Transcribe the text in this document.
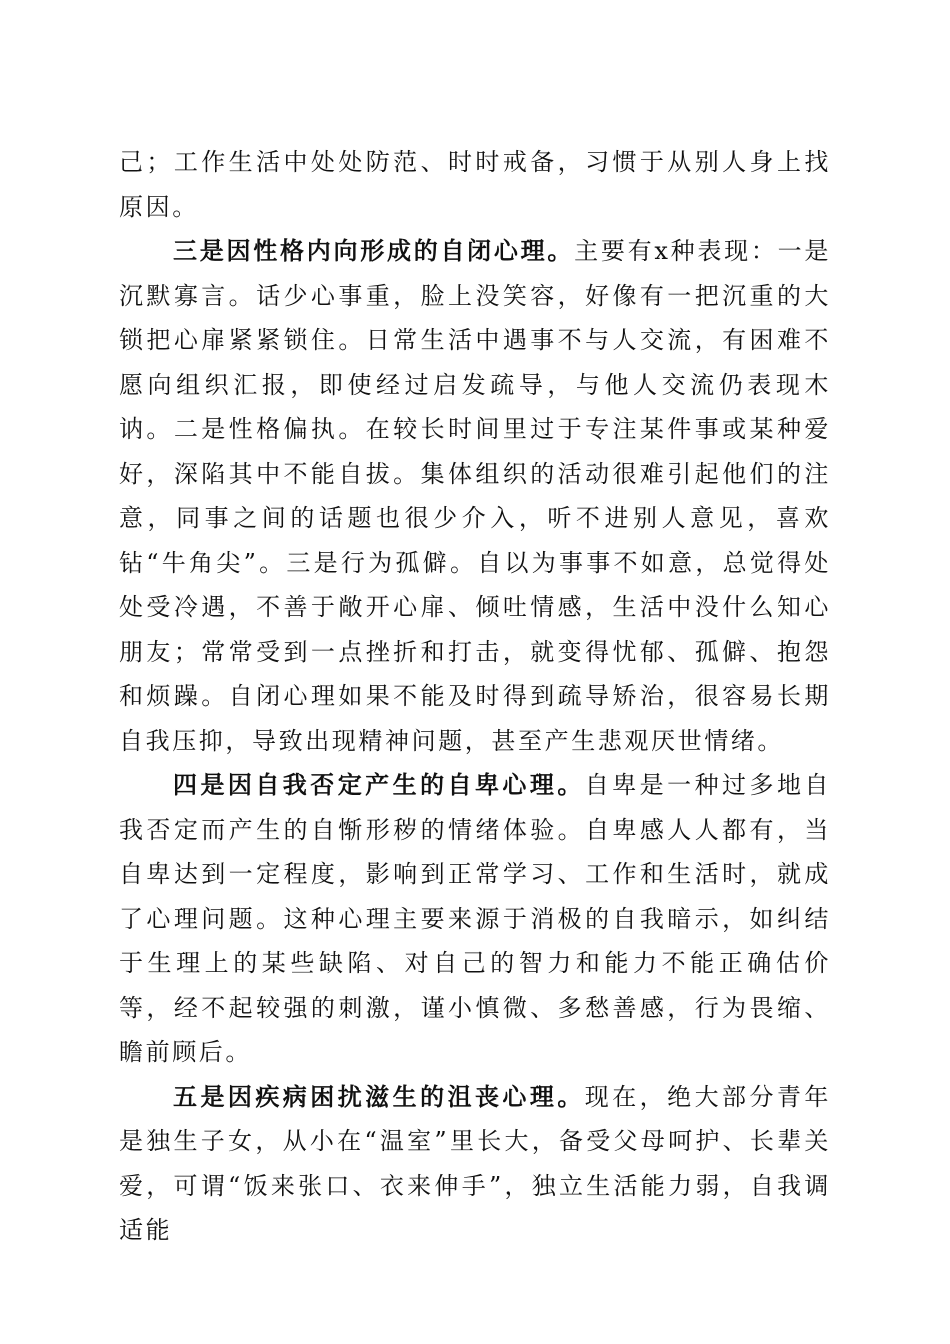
己；工作生活中处处防范、时时戒备，习惯于从别人身上找原因。

三是因性格内向形成的自闭心理。主要有x种表现：一是沉默寡言。话少心事重，脸上没笑容，好像有一把沉重的大锁把心扉紧紧锁住。日常生活中遇事不与人交流，有困难不愿向组织汇报，即使经过启发疏导，与他人交流仍表现木讷。二是性格偏执。在较长时间里过于专注某件事或某种爱好，深陷其中不能自拔。集体组织的活动很难引起他们的注意，同事之间的话题也很少介入，听不进别人意见，喜欢钻“牛角尖”。三是行为孤僻。自以为事事不如意，总觉得处处受冷遇，不善于敞开心扉、倾吐情感，生活中没什么知心朋友；常常受到一点挫折和打击，就变得忧郁、孤僻、抱怨和烦躁。自闭心理如果不能及时得到疏导矫治，很容易长期自我压抑，导致出现精神问题，甚至产生悲观厌世情绪。

四是因自我否定产生的自卑心理。自卑是一种过多地自我否定而产生的自惭形秽的情绪体验。自卑感人人都有，当自卑达到一定程度，影响到正常学习、工作和生活时，就成了心理问题。这种心理主要来源于消极的自我暗示，如纠结于生理上的某些缺陷、对自己的智力和能力不能正确估价等，经不起较强的刺激，谨小慎微、多愁善感，行为畏缩、瞻前顾后。

五是因疾病困扰滋生的沮丧心理。现在，绝大部分青年是独生子女，从小在“温室”里长大，备受父母呵护、长辈关爱，可谓“饭来张口、衣来伸手”，独立生活能力弱，自我调适能
